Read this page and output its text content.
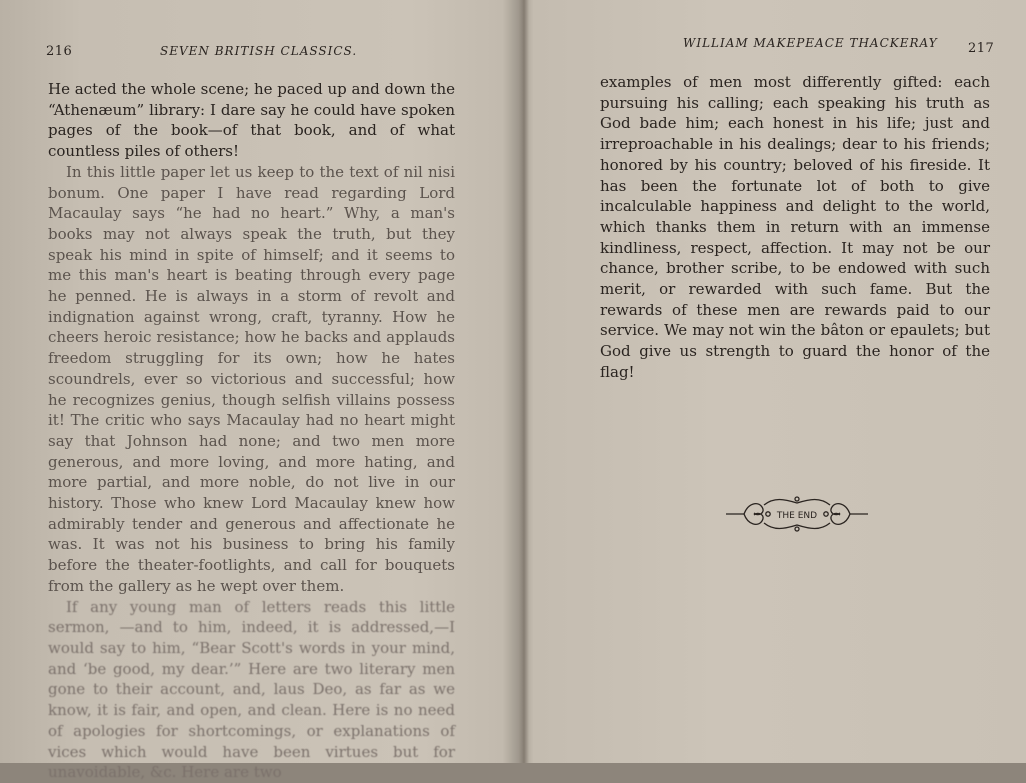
216	SEVEN BRITISH CLASSICS.

He acted the whole scene; he paced up and down the “Athenæum” library: I dare say he could have spoken pages of the book—of that book, and of what countless piles of others!

In this little paper let us keep to the text of nil nisi bonum. One paper I have read regarding Lord Macaulay says “he had no heart.” Why, a man's books may not always speak the truth, but they speak his mind in spite of himself; and it seems to me this man's heart is beating through every page he penned. He is always in a storm of revolt and indignation against wrong, craft, tyranny. How he cheers heroic resistance; how he backs and applauds freedom struggling for its own; how he hates scoundrels, ever so victorious and successful; how he recognizes genius, though selfish villains possess it! The critic who says Macaulay had no heart might say that Johnson had none; and two men more generous, and more loving, and more hating, and more partial, and more noble, do not live in our history. Those who knew Lord Macaulay knew how admirably tender and generous and affectionate he was. It was not his business to bring his family before the theater-footlights, and call for bouquets from the gallery as he wept over them.

If any young man of letters reads this little sermon, —and to him, indeed, it is addressed,—I would say to him, “Bear Scott's words in your mind, and ‘be good, my dear.’” Here are two literary men gone to their account, and, laus Deo, as far as we know, it is fair, and open, and clean. Here is no need of apologies for shortcomings, or explanations of vices which would have been virtues but for unavoidable, &c. Here are two

WILLIAM MAKEPEACE THACKERAY 217

examples of men most differently gifted: each pursuing his calling; each speaking his truth as God bade him; each honest in his life; just and irreproachable in his dealings; dear to his friends; honored by his country; beloved of his fireside. It has been the fortunate lot of both to give incalculable happiness and delight to the world, which thanks them in return with an immense kindliness, respect, affection. It may not be our chance, brother scribe, to be endowed with such merit, or rewarded with such fame. But the rewards of these men are rewards paid to our service. We may not win the bâton or epaulets; but God give us strength to guard the honor of the flag!

THE END
